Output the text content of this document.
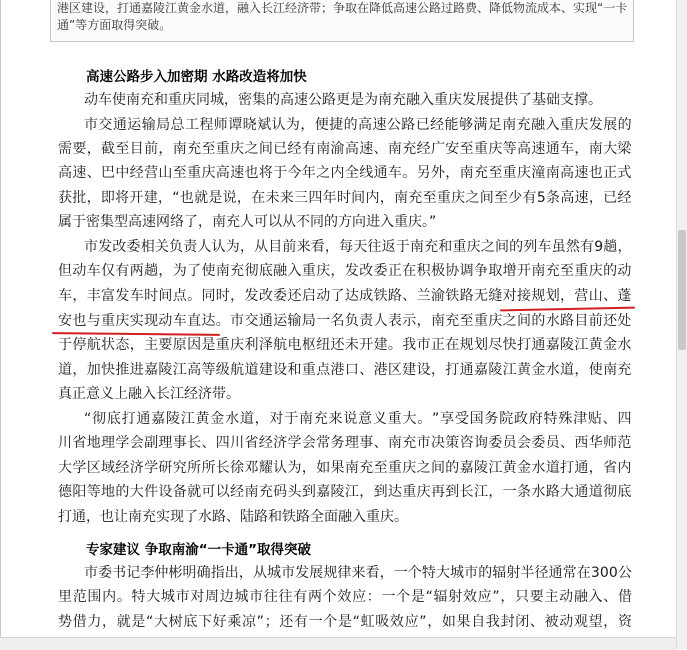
港区建设，打通嘉陵江黄金水道，融入长江经济带；争取在降低高速公路过路费、降低物流成本、实现“一卡
通”等方面取得突破。
高速公路步入加密期 水路改造将加快
动车使南充和重庆同城，密集的高速公路更是为南充融入重庆发展提供了基础支撑。
市 交 通 运 输 局 总 工 程 师 谭 晓 斌 认 为 ， 便 捷 的 高 速 公 路 已 经 能 够 满 足 南 充 融 入 重 庆 发 展 的
需 要 ， 截 至 目 前 ， 南 充 至 重 庆 之 间 已 经 有 南 渝 高 速 、 南 充 经 广 安 至 重 庆 等 高 速 通 车 ， 南 大 梁
高 速 、 巴 中 经 营 山 至 重 庆 高 速 也 将 于 今 年 之 内 全 线 通 车 。 另 外 ， 南 充 至 重 庆 潼 南 高 速 也 正 式
获 批 ， 即 将 开 建 ， “ 也 就 是 说 ， 在 未 来 三 四 年 时 间 内 ， 南 充 至 重 庆 之 间 至 少 有 5 条 高 速 ， 已 经
属于密集型高速网络了，南充人可以从不同的方向进入重庆。”
市 发 改 委 相 关 负 责 人 认 为 ， 从 目 前 来 看 ， 每 天 往 返 于 南 充 和 重 庆 之 间 的 列 车 虽 然 有 9 趟 ，
但 动 车 仅 有 两 趟 ， 为 了 使 南 充 彻 底 融 入 重 庆 ， 发 改 委 正 在 积 极 协 调 争 取 增 开 南 充 至 重 庆 的 动
车 ， 丰 富 发 车 时 间 点 。 同 时 ， 发 改 委 还 启 动 了 达 成 铁 路 、 兰 渝 铁 路 无 缝 对 接 规 划 ， 营 山 、 蓬
安 也 与 重 庆 实 现 动 车 直 达 。 市 交 通 运 输 局 一 名 负 责 人 表 示 ， 南 充 至 重 庆 之 间 的 水 路 目 前 还 处
于 停 航 状 态 ， 主 要 原 因 是 重 庆 利 泽 航 电 枢 纽 还 未 开 建 。 我 市 正 在 规 划 尽 快 打 通 嘉 陵 江 黄 金 水
道 ， 加 快 推 进 嘉 陵 江 高 等 级 航 道 建 设 和 重 点 港 口 、 港 区 建 设 ， 打 通 嘉 陵 江 黄 金 水 道 ， 使 南 充
真正意义上融入长江经济带。
“ 彻 底 打 通 嘉 陵 江 黄 金 水 道 ， 对 于 南 充 来 说 意 义 重 大 。 ” 享 受 国 务 院 政 府 特 殊 津 贴 、 四
川 省 地 理 学 会 副 理 事 长 、 四 川 省 经 济 学 会 常 务 理 事 、 南 充 市 决 策 咨 询 委 员 会 委 员 、 西 华 师 范
大 学 区 域 经 济 学 研 究 所 所 长 徐 邓 耀 认 为 ， 如 果 南 充 至 重 庆 之 间 的 嘉 陵 江 黄 金 水 道 打 通 ， 省 内
德 阳 等 地 的 大 件 设 备 就 可 以 经 南 充 码 头 到 嘉 陵 江 ， 到 达 重 庆 再 到 长 江 ， 一 条 水 路 大 通 道 彻 底
打通，也让南充实现了水路、陆路和铁路全面融入重庆。
专家建议 争取南渝“一卡通”取得突破
市 委 书 记 李 仲 彬 明 确 指 出 ， 从 城 市 发 展 规 律 来 看 ， 一 个 特 大 城 市 的 辐 射 半 径 通 常 在 3 0 0 公
里 范 围 内 。 特 大 城 市 对 周 边 城 市 往 往 有 两 个 效 应 ： 一 个 是 “ 辐 射 效 应 ” ， 只 要 主 动 融 入 、 借
势 借 力 ， 就 是 “ 大 树 底 下 好 乘 凉 ” ； 还 有 一 个 是 “ 虹 吸 效 应 ” ， 如 果 自 我 封 闭 、 被 动 观 望 ， 资
